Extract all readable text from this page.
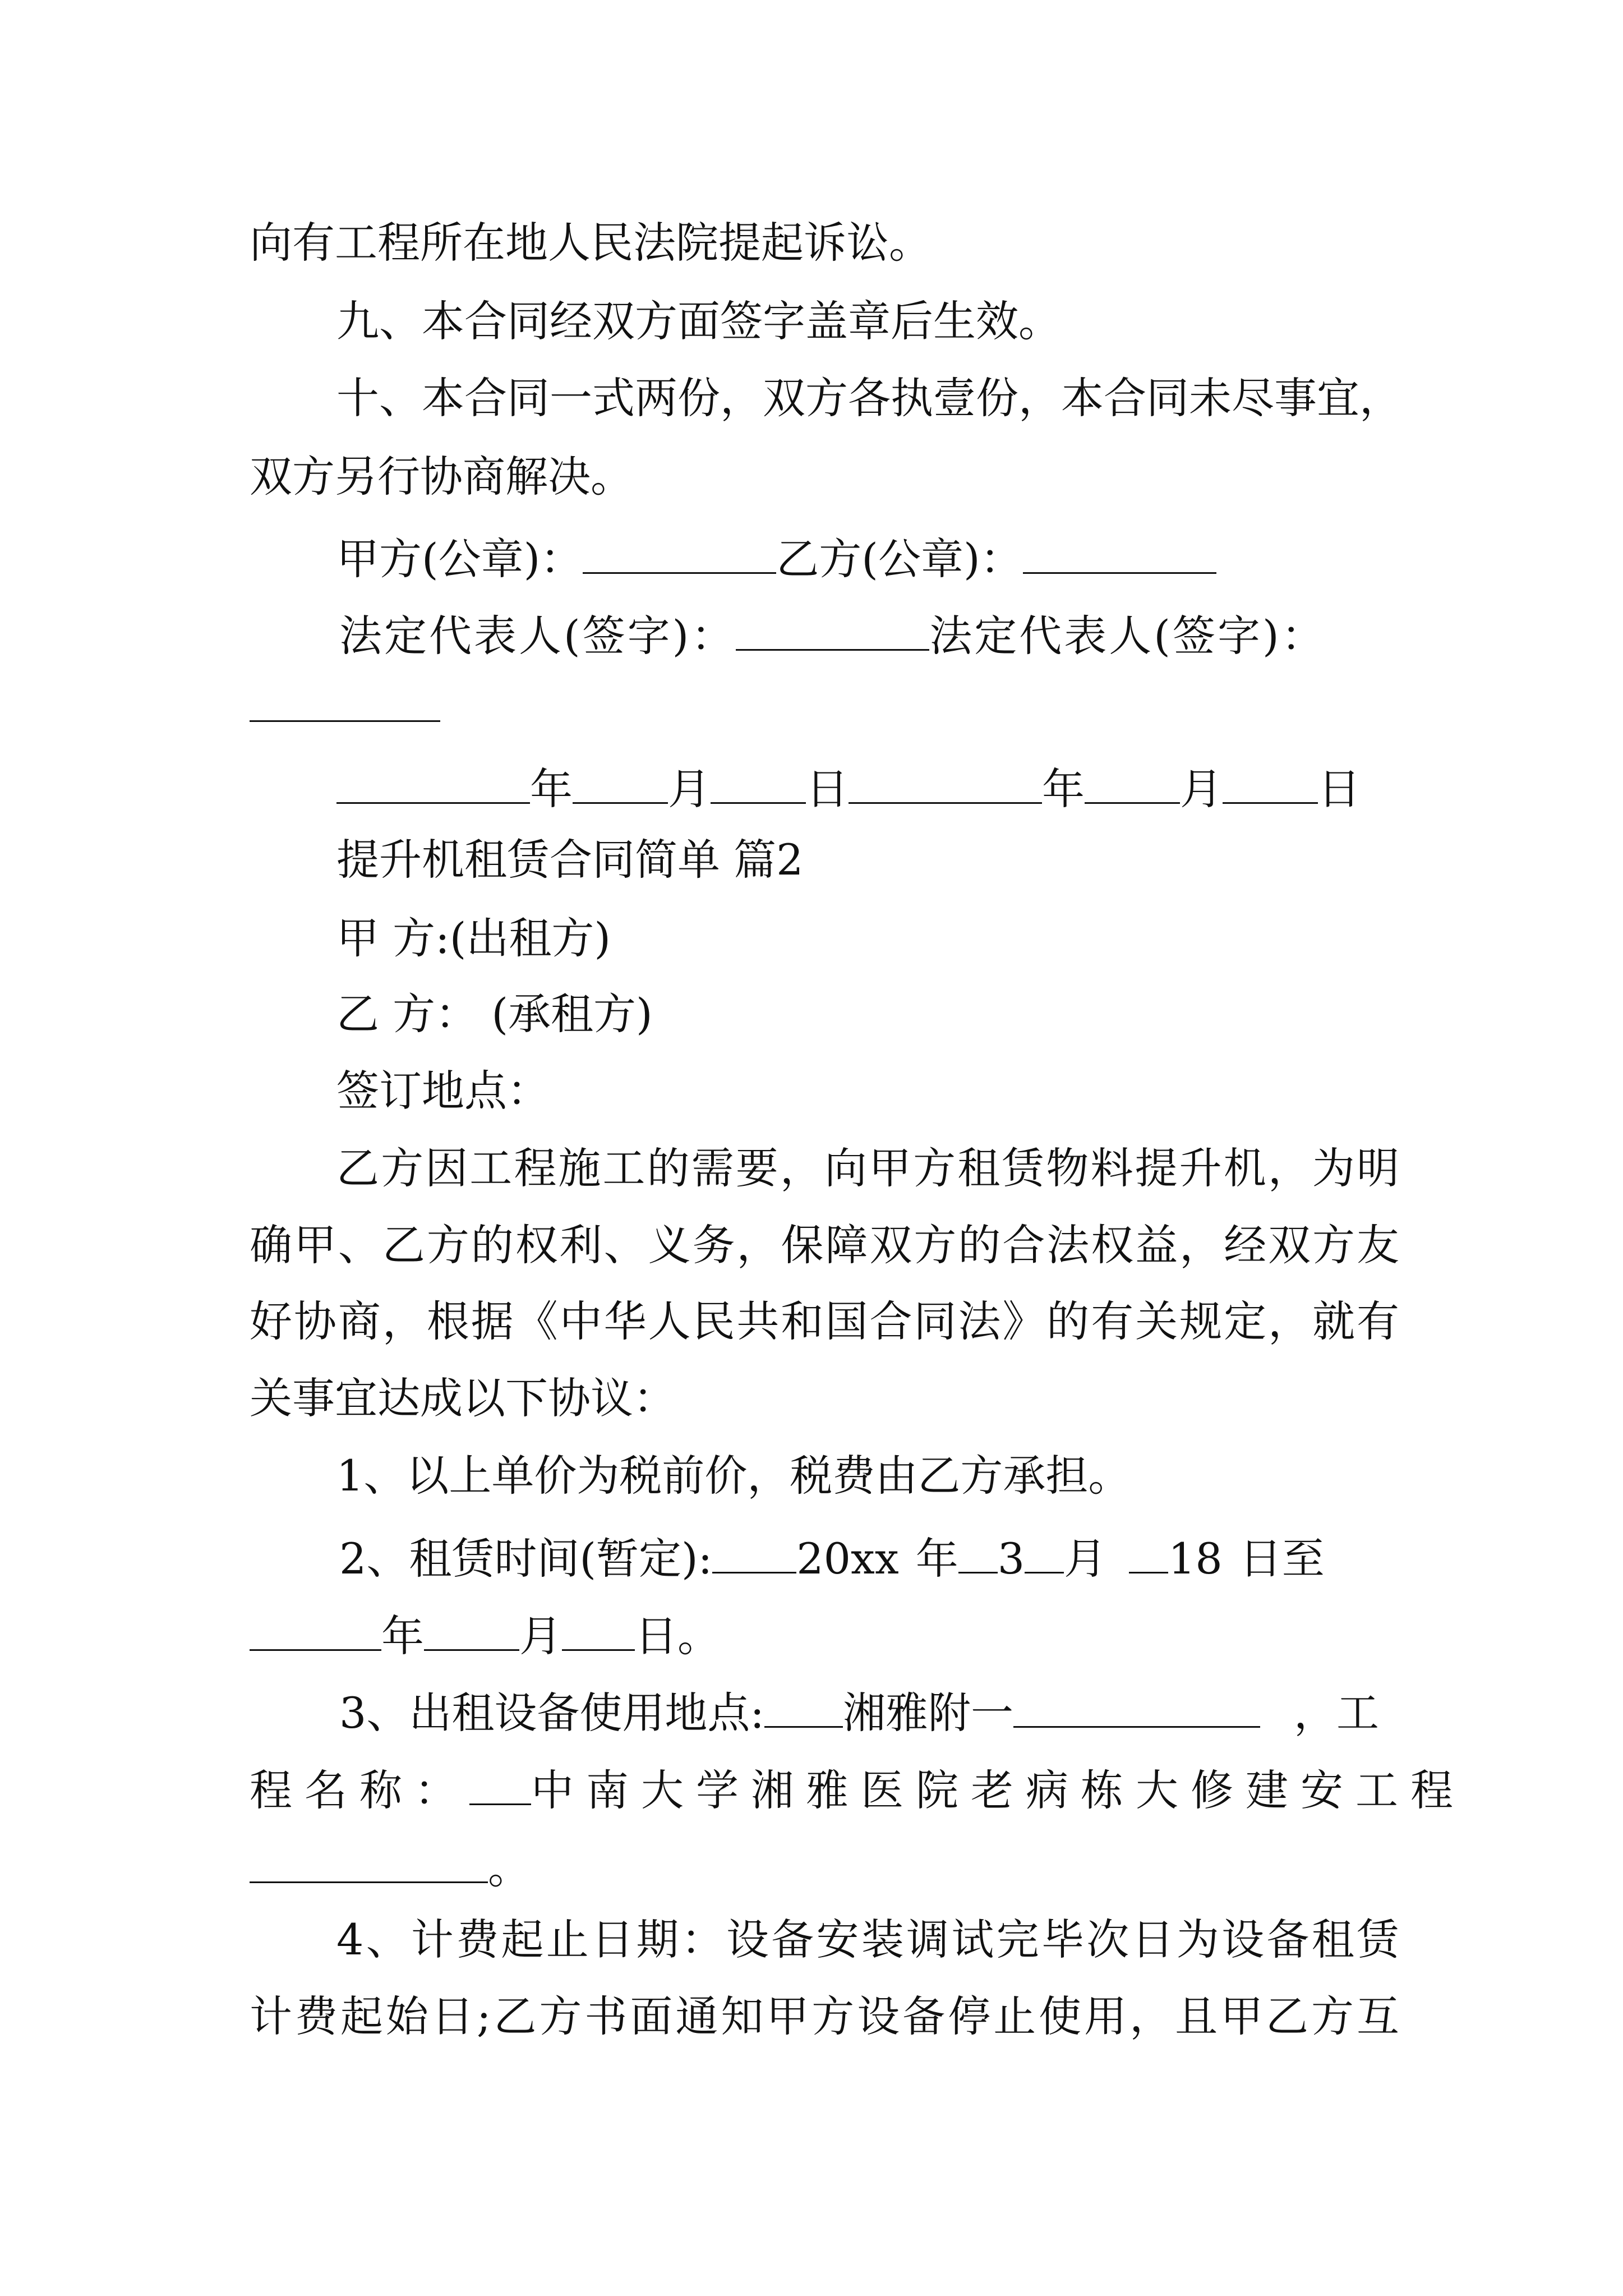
向有工程所在地人民法院提起诉讼。
九、本合同经双方面签字盖章后生效。
十、本合同一式两份，双方各执壹份，本合同未尽事宜，
双方另行协商解决。
甲方(公章)：	乙方(公章)：
法定代表人(签字)：	法定代表人(签字)：
年 月 日	年 月 日
提升机租赁合同简单 篇2
甲 方:(出租方)
乙 方： (承租方)
签订地点：
乙方因工程施工的需要，向甲方租赁物料提升机，为明
确甲、乙方的权利、义务，保障双方的合法权益，经双方友
好协商，根据《中华人民共和国合同法》的有关规定，就有
关事宜达成以下协议：
1、以上单价为税前价，税费由乙方承担。
2、租赁时间(暂定): 20xx 年 3 月 18 日至
年 月 日。
3、出租设备使用地点: 湘雅附一	，工
程名称： 中南大学湘雅医院老病栋大修建安工程
。
4、计费起止日期：设备安装调试完毕次日为设备租赁
计费起始日;乙方书面通知甲方设备停止使用，且甲乙方互
